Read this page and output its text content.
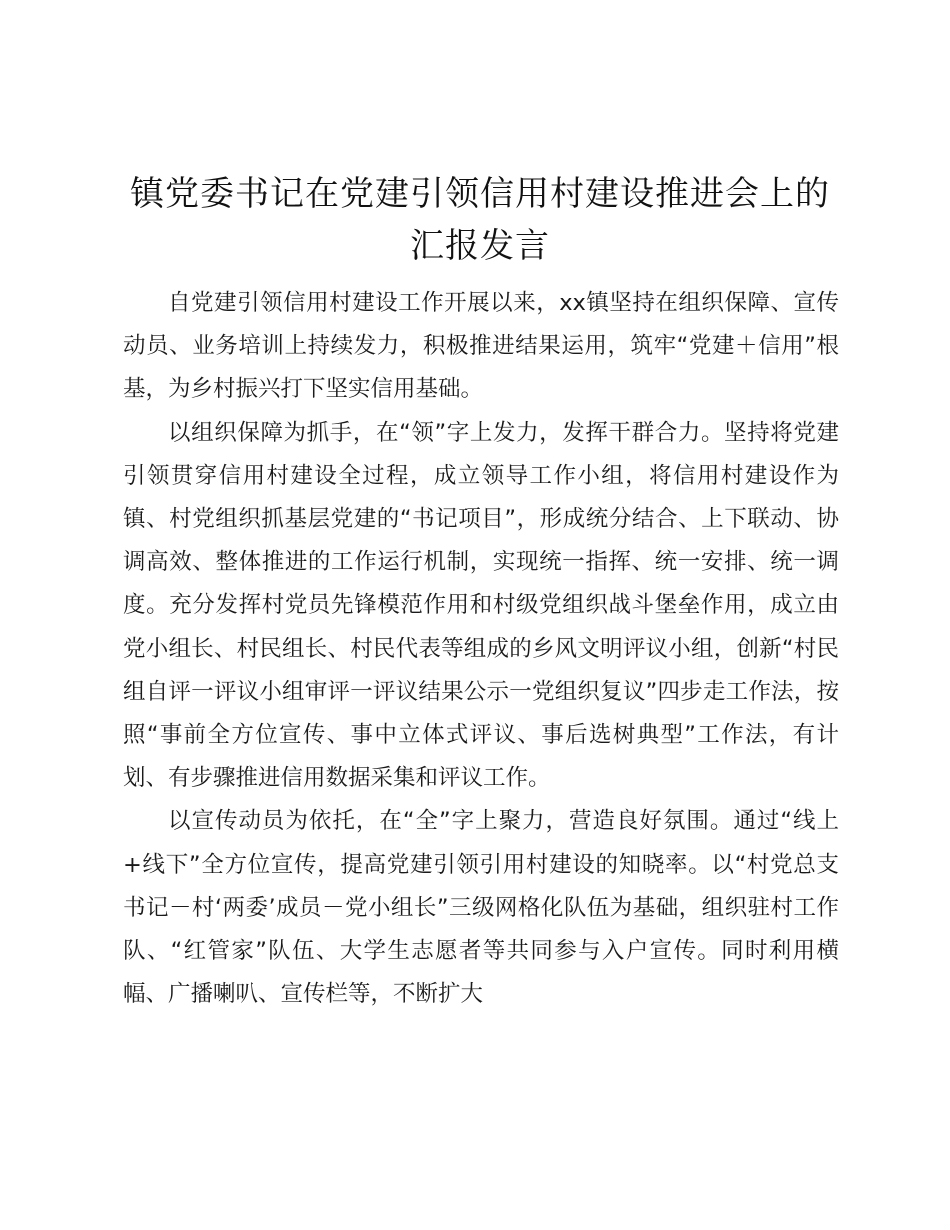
镇党委书记在党建引领信用村建设推进会上的汇报发言

自党建引领信用村建设工作开展以来，xx镇坚持在组织保障、宣传动员、业务培训上持续发力，积极推进结果运用，筑牢“党建＋信用”根基，为乡村振兴打下坚实信用基础。

以组织保障为抓手，在“领”字上发力，发挥干群合力。坚持将党建引领贯穿信用村建设全过程，成立领导工作小组，将信用村建设作为镇、村党组织抓基层党建的“书记项目”，形成统分结合、上下联动、协调高效、整体推进的工作运行机制，实现统一指挥、统一安排、统一调度。充分发挥村党员先锋模范作用和村级党组织战斗堡垒作用，成立由党小组长、村民组长、村民代表等组成的乡风文明评议小组，创新“村民组自评一评议小组审评一评议结果公示一党组织复议”四步走工作法，按照“事前全方位宣传、事中立体式评议、事后选树典型”工作法，有计划、有步骤推进信用数据采集和评议工作。

以宣传动员为依托，在“全”字上聚力，营造良好氛围。通过“线上+线下”全方位宣传，提高党建引领引用村建设的知晓率。以“村党总支书记－村‘两委’成员－党小组长”三级网格化队伍为基础，组织驻村工作队、“红管家”队伍、大学生志愿者等共同参与入户宣传。同时利用横幅、广播喇叭、宣传栏等，不断扩大
